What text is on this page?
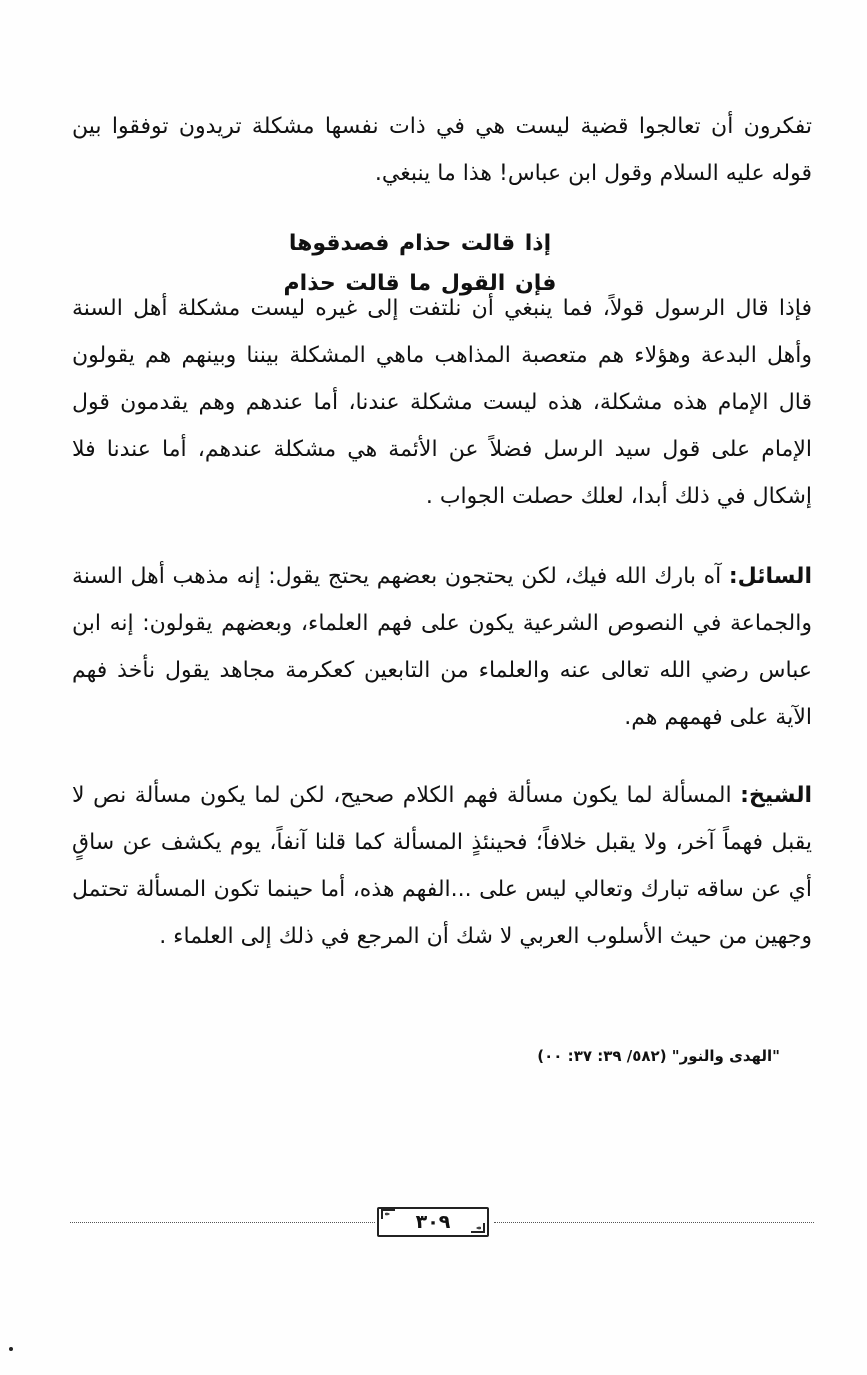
تفكرون أن تعالجوا قضية ليست هي في ذات نفسها مشكلة تريدون توفقوا بين قوله عليه السلام وقول ابن عباس! هذا ما ينبغي.
إذا قالت حذام فصدقوها فإن القول ما قالت حذام
فإذا قال الرسول قولاً، فما ينبغي أن نلتفت إلى غيره ليست مشكلة أهل السنة وأهل البدعة وهؤلاء هم متعصبة المذاهب ماهي المشكلة بيننا وبينهم هم يقولون قال الإمام هذه مشكلة، هذه ليست مشكلة عندنا، أما عندهم وهم يقدمون قول الإمام على قول سيد الرسل فضلاً عن الأئمة هي مشكلة عندهم، أما عندنا فلا إشكال في ذلك أبدا، لعلك حصلت الجواب .
السائل: آه بارك الله فيك، لكن يحتجون بعضهم يحتج يقول: إنه مذهب أهل السنة والجماعة في النصوص الشرعية يكون على فهم العلماء، وبعضهم يقولون: إنه ابن عباس رضي الله تعالى عنه والعلماء من التابعين كعكرمة مجاهد يقول نأخذ فهم الآية على فهمهم هم.
الشيخ: المسألة لما يكون مسألة فهم الكلام صحيح، لكن لما يكون مسألة نص لا يقبل فهماً آخر، ولا يقبل خلافاً؛ فحينئذٍ المسألة كما قلنا آنفاً، يوم يكشف عن ساقٍ أي عن ساقه تبارك وتعالي ليس على ...الفهم هذه، أما حينما تكون المسألة تحتمل وجهين من حيث الأسلوب العربي لا شك أن المرجع في ذلك إلى العلماء .
"الهدى والنور" (٥٨٢/ ٣٩: ٣٧: ٠٠)
٣٠٩
